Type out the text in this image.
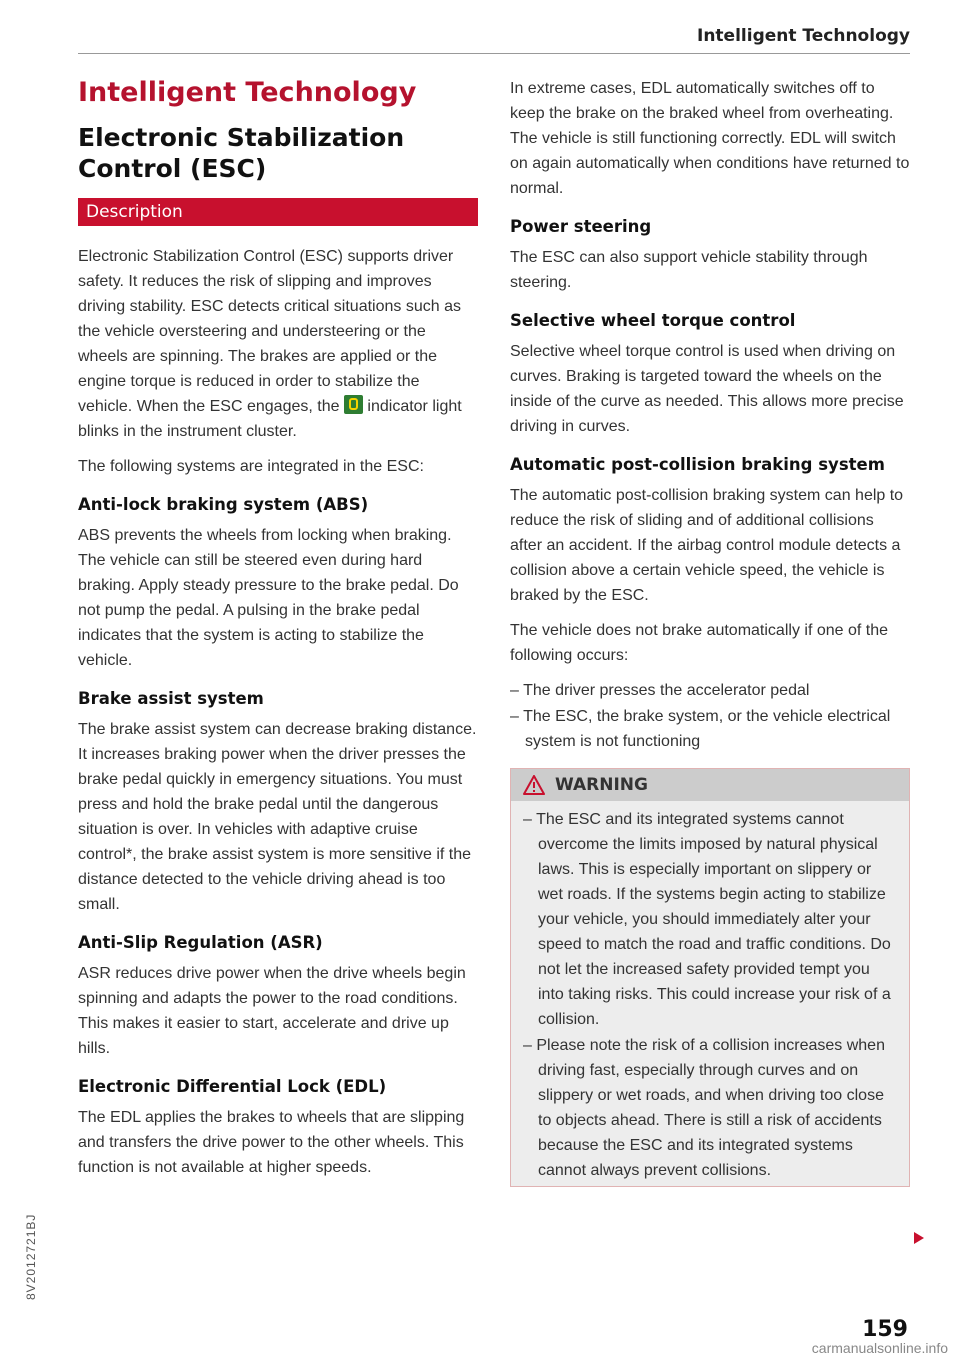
Intelligent Technology
Intelligent Technology
Electronic Stabilization Control (ESC)
Description

Electronic Stabilization Control (ESC) supports driver safety. It reduces the risk of slipping and improves driving stability. ESC detects critical situations such as the vehicle oversteering and understeering or the wheels are spinning. The brakes are applied or the engine torque is reduced in order to stabilize the vehicle. When the ESC engages, the indicator light blinks in the instrument cluster.

The following systems are integrated in the ESC:

Anti-lock braking system (ABS)

ABS prevents the wheels from locking when braking. The vehicle can still be steered even during hard braking. Apply steady pressure to the brake pedal. Do not pump the pedal. A pulsing in the brake pedal indicates that the system is acting to stabilize the vehicle.

Brake assist system

The brake assist system can decrease braking distance. It increases braking power when the driver presses the brake pedal quickly in emergency situations. You must press and hold the brake pedal until the dangerous situation is over. In vehicles with adaptive cruise control*, the brake assist system is more sensitive if the distance detected to the vehicle driving ahead is too small.

Anti-Slip Regulation (ASR)

ASR reduces drive power when the drive wheels begin spinning and adapts the power to the road conditions. This makes it easier to start, accelerate and drive up hills.

Electronic Differential Lock (EDL)

The EDL applies the brakes to wheels that are slipping and transfers the drive power to the other wheels. This function is not available at higher speeds.

In extreme cases, EDL automatically switches off to keep the brake on the braked wheel from overheating. The vehicle is still functioning correctly. EDL will switch on again automatically when conditions have returned to normal.

Power steering

The ESC can also support vehicle stability through steering.

Selective wheel torque control

Selective wheel torque control is used when driving on curves. Braking is targeted toward the wheels on the inside of the curve as needed. This allows more precise driving in curves.

Automatic post-collision braking system

The automatic post-collision braking system can help to reduce the risk of sliding and of additional collisions after an accident. If the airbag control module detects a collision above a certain vehicle speed, the vehicle is braked by the ESC.

The vehicle does not brake automatically if one of the following occurs:

– The driver presses the accelerator pedal
– The ESC, the brake system, or the vehicle electrical system is not functioning
WARNING
– The ESC and its integrated systems cannot overcome the limits imposed by natural physical laws. This is especially important on slippery or wet roads. If the systems begin acting to stabilize your vehicle, you should immediately alter your speed to match the road and traffic conditions. Do not let the increased safety provided tempt you into taking risks. This could increase your risk of a collision.
– Please note the risk of a collision increases when driving fast, especially through curves and on slippery or wet roads, and when driving too close to objects ahead. There is still a risk of accidents because the ESC and its integrated systems cannot always prevent collisions.
159
8V2012721BJ
carmanualsonline.info
